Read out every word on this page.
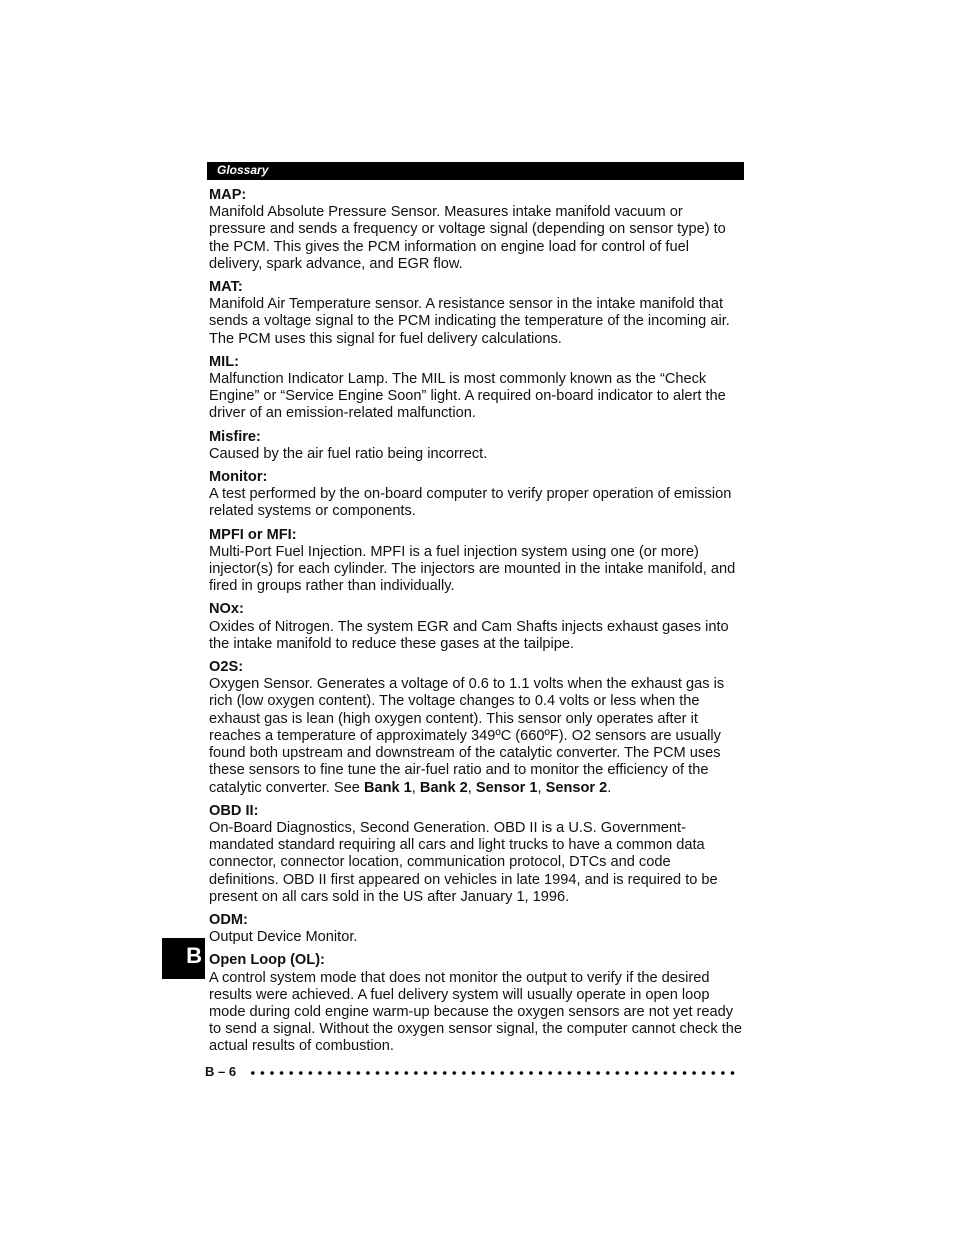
Glossary
MAP:
Manifold Absolute Pressure Sensor. Measures intake manifold vacuum or pressure and sends a frequency or voltage signal (depending on sensor type) to the PCM. This gives the PCM information on engine load for control of fuel delivery, spark advance, and EGR flow.
MAT:
Manifold Air Temperature sensor. A resistance sensor in the intake manifold that sends a voltage signal to the PCM indicating the temperature of the incoming air. The PCM uses this signal for fuel delivery calculations.
MIL:
Malfunction Indicator Lamp. The MIL is most commonly known as the “Check Engine” or “Service Engine Soon” light. A required on-board indicator to alert the driver of an emission-related malfunction.
Misfire:
Caused by the air fuel ratio being incorrect.
Monitor:
A test performed by the on-board computer to verify proper operation of emission related systems or components.
MPFI or MFI:
Multi-Port Fuel Injection. MPFI is a fuel injection system using one (or more) injector(s) for each cylinder. The injectors are mounted in the intake manifold, and fired in groups rather than individually.
NOx:
Oxides of Nitrogen. The system EGR and Cam Shafts injects exhaust gases into the intake manifold to reduce these gases at the tailpipe.
O2S:
Oxygen Sensor. Generates a voltage of 0.6 to 1.1 volts when the exhaust gas is rich (low oxygen content). The voltage changes to 0.4 volts or less when the exhaust gas is lean (high oxygen content). This sensor only operates after it reaches a temperature of approximately 349ºC (660ºF). O2 sensors are usually found both upstream and downstream of the catalytic converter. The PCM uses these sensors to fine tune the air-fuel ratio and to monitor the efficiency of the catalytic converter. See Bank 1, Bank 2, Sensor 1, Sensor 2.
OBD II:
On-Board Diagnostics, Second Generation. OBD II is a U.S. Government-mandated standard requiring all cars and light trucks to have a common data connector, connector location, communication protocol, DTCs and code definitions. OBD II first appeared on vehicles in late 1994, and is required to be present on all cars sold in the US after January 1, 1996.
ODM:
Output Device Monitor.
Open Loop (OL):
A control system mode that does not monitor the output to verify if the desired results were achieved. A fuel delivery system will usually operate in open loop mode during cold engine warm-up because the oxygen sensors are not yet ready to send a signal. Without the oxygen sensor signal, the computer cannot check the actual results of combustion.
B
B – 6
